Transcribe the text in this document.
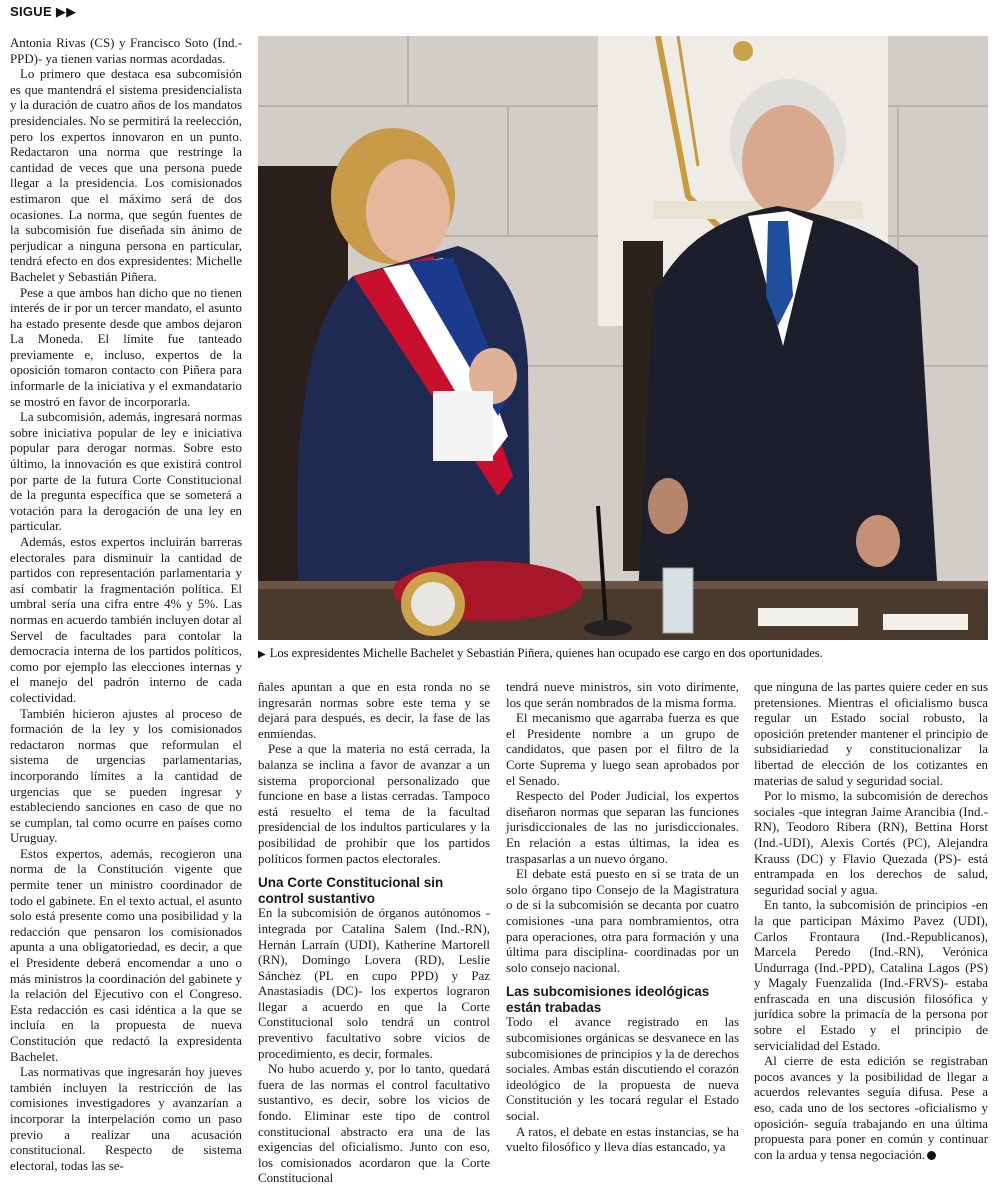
SIGUE ▶▶

Antonia Rivas (CS) y Francisco Soto (Ind.-PPD)- ya tienen varias normas acordadas.

Lo primero que destaca esa subcomisión es que mantendrá el sistema presidencialista y la duración de cuatro años de los mandatos presidenciales. No se permitirá la reelección, pero los expertos innovaron en un punto. Redactaron una norma que restringe la cantidad de veces que una persona puede llegar a la presidencia. Los comisionados estimaron que el máximo será de dos ocasiones. La norma, que según fuentes de la subcomisión fue diseñada sin ánimo de perjudicar a ninguna persona en particular, tendrá efecto en dos expresidentes: Michelle Bachelet y Sebastián Piñera.

Pese a que ambos han dicho que no tienen interés de ir por un tercer mandato, el asunto ha estado presente desde que ambos dejaron La Moneda. El límite fue tanteado previamente e, incluso, expertos de la oposición tomaron contacto con Piñera para informarle de la iniciativa y el exmandatario se mostró en favor de incorporarla.

La subcomisión, además, ingresará normas sobre iniciativa popular de ley e iniciativa popular para derogar normas. Sobre esto último, la innovación es que existirá control por parte de la futura Corte Constitucional de la pregunta específica que se someterá a votación para la derogación de una ley en particular.

Además, estos expertos incluirán barreras electorales para disminuir la cantidad de partidos con representación parlamentaria y así combatir la fragmentación política. El umbral sería una cifra entre 4% y 5%. Las normas en acuerdo también incluyen dotar al Servel de facultades para contolar la democracia interna de los partidos políticos, como por ejemplo las elecciones internas y el manejo del padrón interno de cada colectividad.

También hicieron ajustes al proceso de formación de la ley y los comisionados redactaron normas que reformulan el sistema de urgencias parlamentarias, incorporando límites a la cantidad de urgencias que se pueden ingresar y estableciendo sanciones en caso de que no se cumplan, tal como ocurre en países como Uruguay.

Estos expertos, además, recogieron una norma de la Constitución vigente que permite tener un ministro coordinador de todo el gabinete. En el texto actual, el asunto solo está presente como una posibilidad y la redacción que pensaron los comisionados apunta a una obligatoriedad, es decir, a que el Presidente deberá encomendar a uno o más ministros la coordinación del gabinete y la relación del Ejecutivo con el Congreso. Esta redacción es casi idéntica a la que se incluía en la propuesta de nueva Constitución que redactó la expresidenta Bachelet.

Las normativas que ingresarán hoy jueves también incluyen la restricción de las comisiones investigadores y avanzarían a incorporar la interpelación como un paso previo a realizar una acusación constitucional. Respecto de sistema electoral, todas las se-

▶ Los expresidentes Michelle Bachelet y Sebastián Piñera, quienes han ocupado ese cargo en dos oportunidades.

ñales apuntan a que en esta ronda no se ingresarán normas sobre este tema y se dejará para después, es decir, la fase de las enmiendas.

Pese a que la materia no está cerrada, la balanza se inclina a favor de avanzar a un sistema proporcional personalizado que funcione en base a listas cerradas. Tampoco está resuelto el tema de la facultad presidencial de los indultos particulares y la posibilidad de prohibir que los partidos políticos formen pactos electorales.

Una Corte Constitucional sin control sustantivo

En la subcomisión de órganos autónomos -integrada por Catalina Salem (Ind.-RN), Hernán Larraín (UDI), Katherine Martorell (RN), Domingo Lovera (RD), Leslie Sánchez (PL en cupo PPD) y Paz Anastasiadis (DC)- los expertos lograron llegar a acuerdo en que la Corte Constitucional solo tendrá un control preventivo facultativo sobre vicios de procedimiento, es decir, formales.

No hubo acuerdo y, por lo tanto, quedará fuera de las normas el control facultativo sustantivo, es decir, sobre los vicios de fondo. Eliminar este tipo de control constitucional abstracto era una de las exigencias del oficialismo. Junto con eso, los comisionados acordaron que la Corte Constitucional

tendrá nueve ministros, sin voto dirimente, los que serán nombrados de la misma forma.

El mecanismo que agarraba fuerza es que el Presidente nombre a un grupo de candidatos, que pasen por el filtro de la Corte Suprema y luego sean aprobados por el Senado.

Respecto del Poder Judicial, los expertos diseñaron normas que separan las funciones jurisdiccionales de las no jurisdiccionales. En relación a estas últimas, la idea es traspasarlas a un nuevo órgano.

El debate está puesto en si se trata de un solo órgano tipo Consejo de la Magistratura o de si la subcomisión se decanta por cuatro comisiones -una para nombramientos, otra para operaciones, otra para formación y una última para disciplina- coordinadas por un solo consejo nacional.

Las subcomisiones ideológicas están trabadas

Todo el avance registrado en las subcomisiones orgánicas se desvanece en las subcomisiones de principios y la de derechos sociales. Ambas están discutiendo el corazón ideológico de la propuesta de nueva Constitución y les tocará regular el Estado social.

A ratos, el debate en estas instancias, se ha vuelto filosófico y lleva días estancado, ya

que ninguna de las partes quiere ceder en sus pretensiones. Mientras el oficialismo busca regular un Estado social robusto, la oposición pretender mantener el principio de subsidiariedad y constitucionalizar la libertad de elección de los cotizantes en materias de salud y seguridad social.

Por lo mismo, la subcomisión de derechos sociales -que integran Jaime Arancibia (Ind.-RN), Teodoro Ribera (RN), Bettina Horst (Ind.-UDI), Alexis Cortés (PC), Alejandra Krauss (DC) y Flavio Quezada (PS)- está entrampada en los derechos de salud, seguridad social y agua.

En tanto, la subcomisión de principios -en la que participan Máximo Pavez (UDI), Carlos Frontaura (Ind.-Republicanos), Marcela Peredo (Ind.-RN), Verónica Undurraga (Ind.-PPD), Catalina Lagos (PS) y Magaly Fuenzalida (Ind.-FRVS)- estaba enfrascada en una discusión filosófica y jurídica sobre la primacía de la persona por sobre el Estado y el principio de servicialidad del Estado.

Al cierre de esta edición se registraban pocos avances y la posibilidad de llegar a acuerdos relevantes seguía difusa. Pese a eso, cada uno de los sectores -oficialismo y oposición- seguía trabajando en una última propuesta para poner en común y continuar con la ardua y tensa negociación.
